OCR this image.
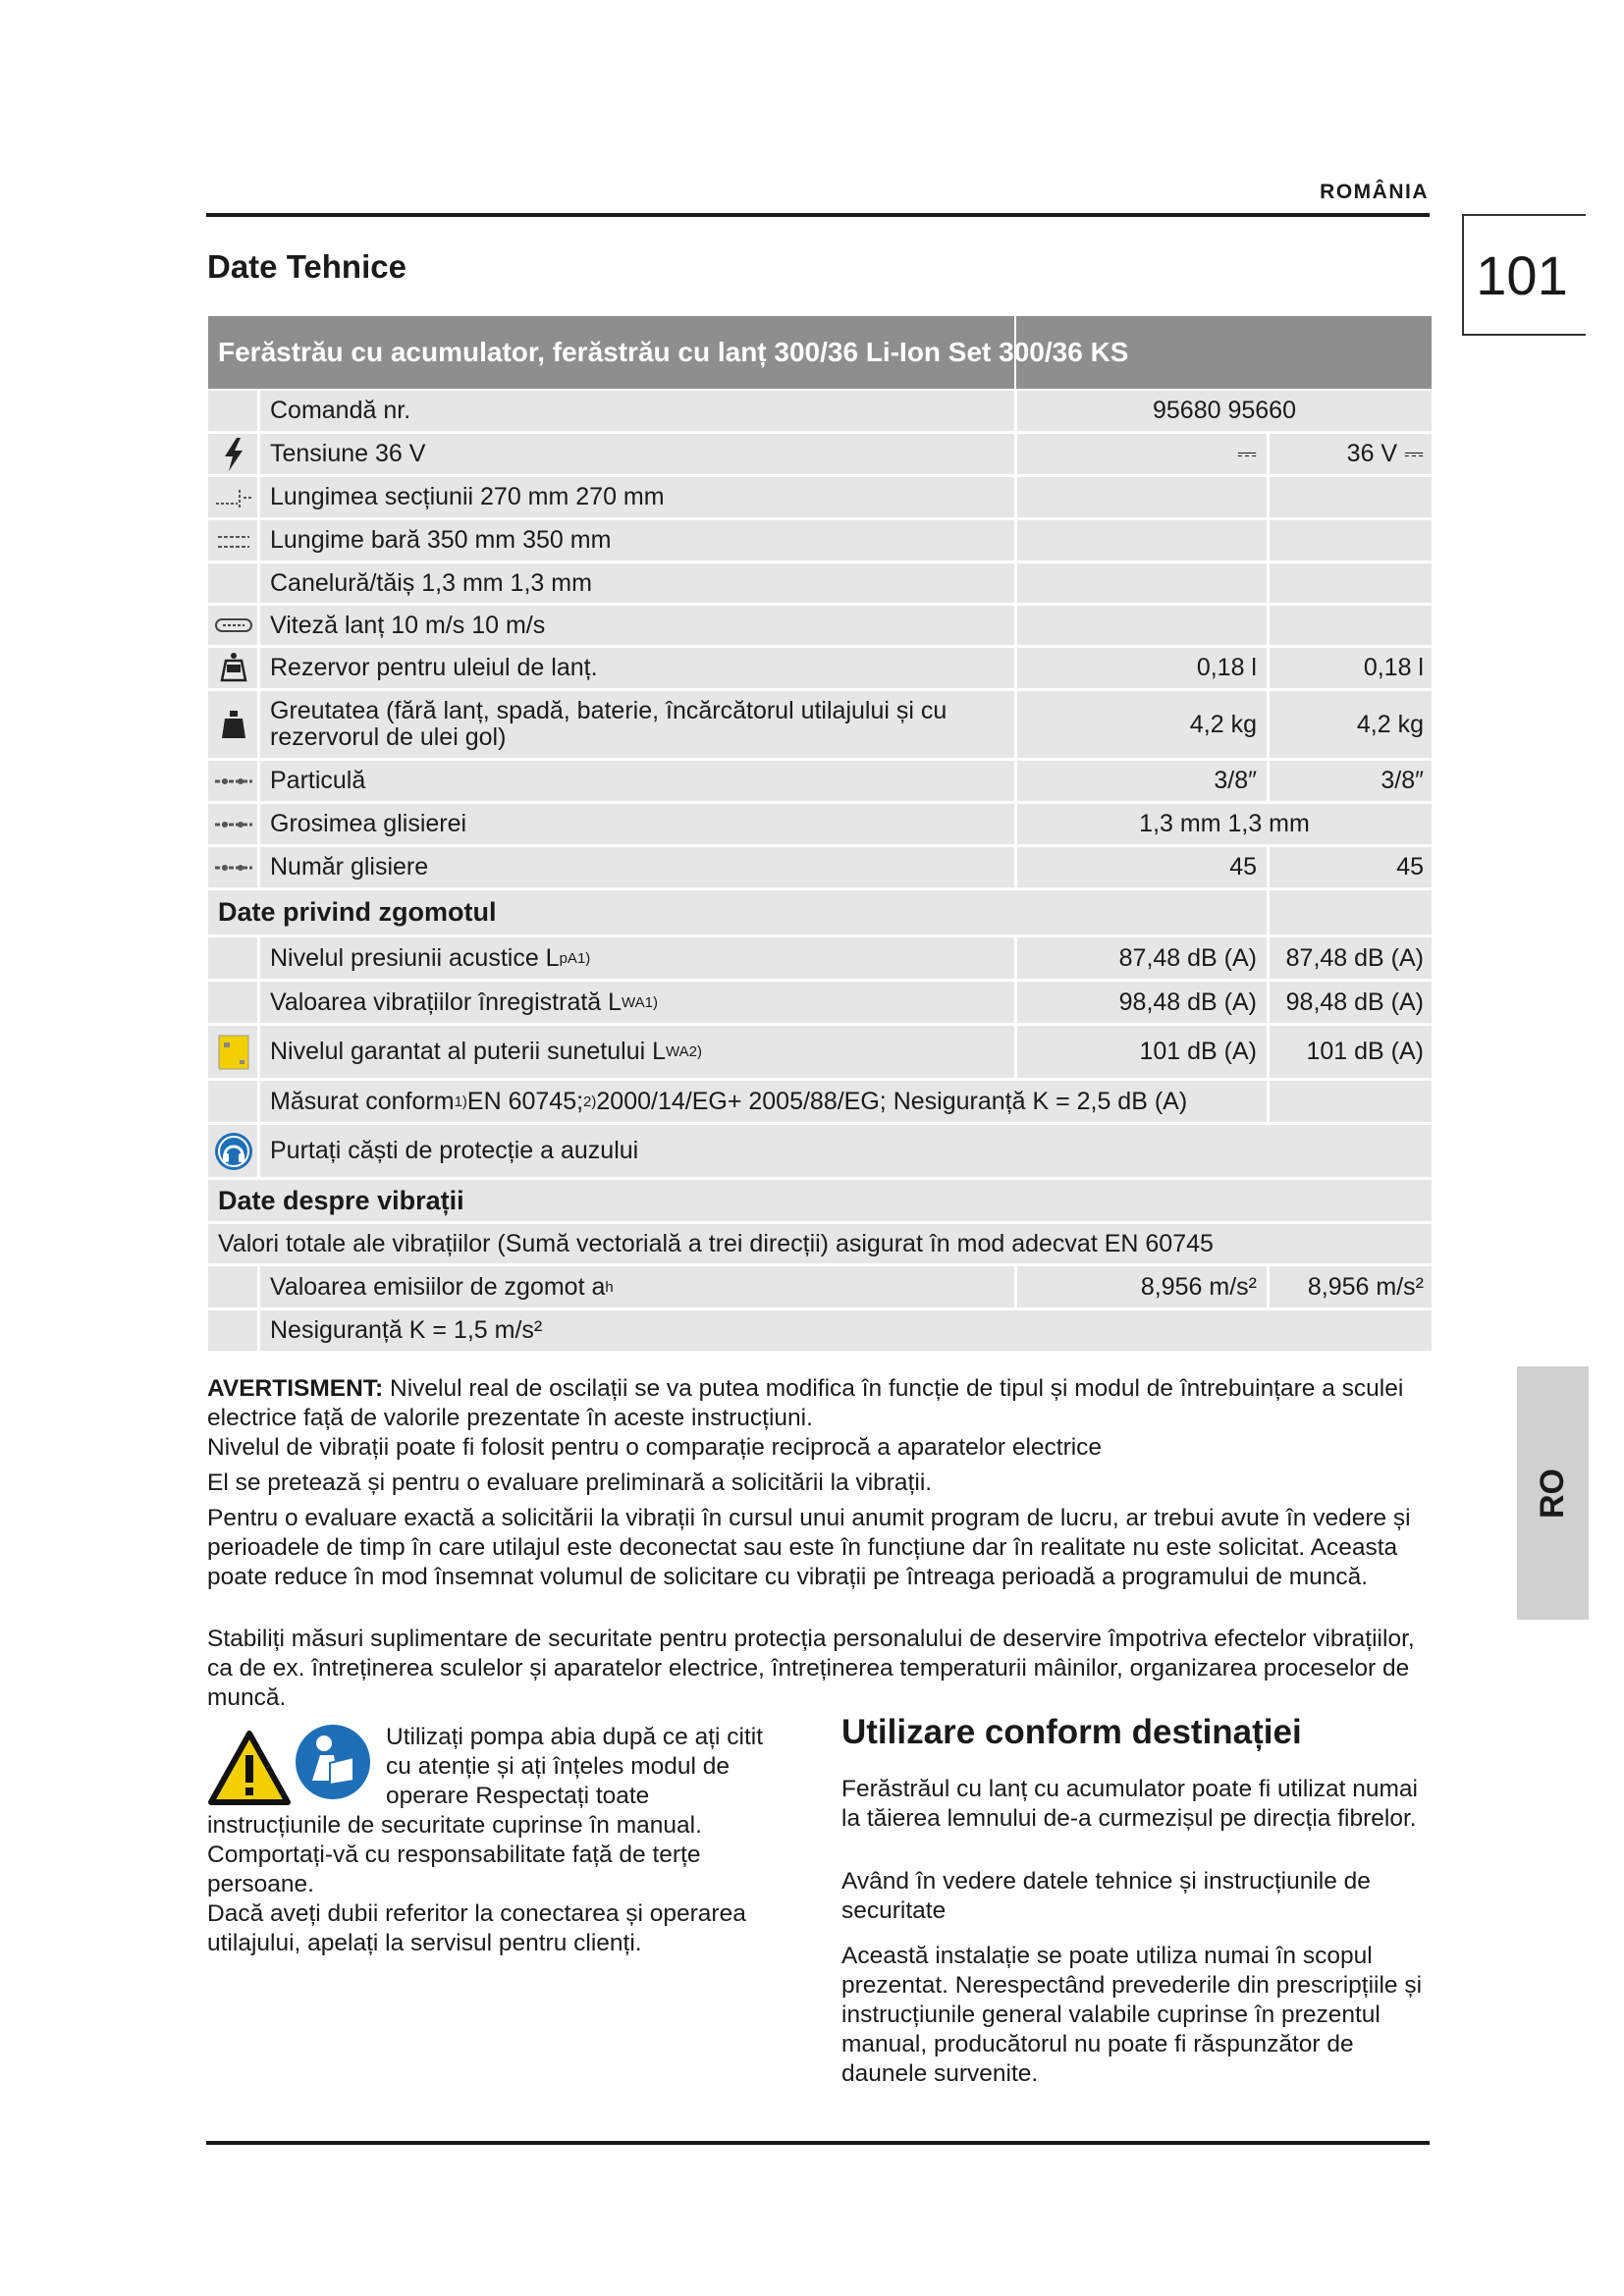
ROMÂNIA
101
RO
Date Tehnice
Ferăstrău cu acumulator, ferăstrău cu lanț 300/36 Li-Ion Set 300/36 KS
Comandă nr.	95680 95660
Tensiune 36 V	⎓	36 V ⎓
Lungimea secțiunii 270 mm 270 mm
Lungime bară 350 mm 350 mm
Canelură/tăiș 1,3 mm 1,3 mm
Viteză lanț 10 m/s 10 m/s
Rezervor pentru uleiul de lanț.	0,18 l	0,18 l
Greutatea (fără lanț, spadă, baterie, încărcătorul utilajului și cu rezervorul de ulei gol)	4,2 kg	4,2 kg
Particulă	3/8″	3/8″
Grosimea glisierei	1,3 mm 1,3 mm
Număr glisiere	45	45
Date privind zgomotul
Nivelul presiunii acustice L pA 1)	87,48 dB (A)	87,48 dB (A)
Valoarea vibrațiilor înregistrată L WA 1)	98,48 dB (A)	98,48 dB (A)
Nivelul garantat al puterii sunetului L WA 2)	101 dB (A)	101 dB (A)
Măsurat conform 1) EN 60745; 2) 2000/14/EG+ 2005/88/EG; Nesiguranță K = 2,5 dB (A)
Purtați căști de protecție a auzului
Date despre vibrații
Valori totale ale vibrațiilor (Sumă vectorială a trei direcții) asigurat în mod adecvat EN 60745
Valoarea emisiilor de zgomot a h	8,956 m/s²	8,956 m/s²
Nesiguranță K = 1,5 m/s²
AVERTISMENT: Nivelul real de oscilații se va putea modifica în funcție de tipul și modul de întrebuințare a sculei electrice față de valorile prezentate în aceste instrucțiuni.
Nivelul de vibrații poate fi folosit pentru o comparație reciprocă a aparatelor electrice
El se pretează și pentru o evaluare preliminară a solicitării la vibrații.
Pentru o evaluare exactă a solicitării la vibrații în cursul unui anumit program de lucru, ar trebui avute în vedere și perioadele de timp în care utilajul este deconectat sau este în funcțiune dar în realitate nu este solicitat. Aceasta poate reduce în mod însemnat volumul de solicitare cu vibrații pe întreaga perioadă a programului de muncă.
Stabiliți măsuri suplimentare de securitate pentru protecția personalului de deservire împotriva efectelor vibrațiilor, ca de ex. întreținerea sculelor și aparatelor electrice, întreținerea temperaturii mâinilor, organizarea proceselor de muncă.
Utilizați pompa abia după ce ați citit
cu atenție și ați înțeles modul de
operare Respectați toate
instrucțiunile de securitate cuprinse în manual. Comportați-vă cu responsabilitate față de terțe persoane.
Dacă aveți dubii referitor la conectarea și operarea utilajului, apelați la servisul pentru clienți.
Utilizare conform destinației
Ferăstrăul cu lanț cu acumulator poate fi utilizat numai la tăierea lemnului de-a curmezișul pe direcția fibrelor.
Având în vedere datele tehnice și instrucțiunile de securitate
Această instalație se poate utiliza numai în scopul prezentat. Nerespectând prevederile din prescripțiile și instrucțiunile general valabile cuprinse în prezentul manual, producătorul nu poate fi răspunzător de daunele survenite.
